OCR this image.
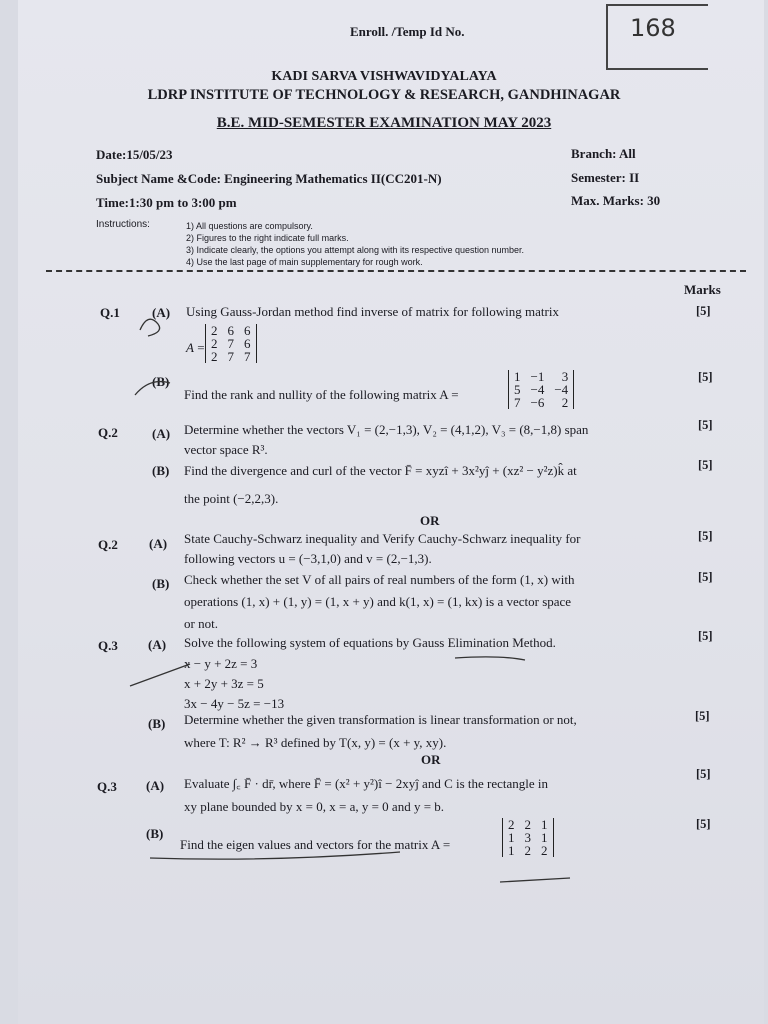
Enroll. /Temp Id No.	168
KADI SARVA VISHWAVIDYALAYA
LDRP INSTITUTE OF TECHNOLOGY & RESEARCH, GANDHINAGAR
B.E. MID-SEMESTER EXAMINATION MAY 2023
Date:15/05/23	Branch: All
Subject Name &Code: Engineering Mathematics II(CC201-N)	Semester: II
Time:1:30 pm to 3:00 pm	Max. Marks: 30
Instructions:	1) All questions are compulsory.
2) Figures to the right indicate full marks.
3) Indicate clearly, the options you attempt along with its respective question number.
4) Use the last page of main supplementary for rough work.
Marks
Q.1 (A) Using Gauss-Jordan method find inverse of matrix for following matrix	[5]
A =
2	6	6
2	7	6
2	7	7
(B)
Find the rank and nullity of the following matrix A =
1	−1	3
5	−4	−4
7	−6	2
[5]
Q.2	(A) Determine whether the vectors V₁ = (2,−1,3), V₂ = (4,1,2), V₃ = (8,−1,8) span
vector space R³.
[5]
(B) Find the divergence and curl of the vector F̄ = xyzî + 3x²yĵ + (xz² − y²z)k̂ at
the point (−2,2,3).
[5]
OR
Q.2 (A) State Cauchy-Schwarz inequality and Verify Cauchy-Schwarz inequality for
following vectors u = (−3,1,0) and v = (2,−1,3).
[5]
(B) Check whether the set V of all pairs of real numbers of the form (1, x) with
operations (1, x) + (1, y) = (1, x + y) and k(1, x) = (1, kx) is a vector space
or not.
[5]
Q.3 (A) Solve the following system of equations by Gauss Elimination Method.	[5]
x − y + 2z = 3
x + 2y + 3z = 5
3x − 4y − 5z = −13
(B) Determine whether the given transformation is linear transformation or not,
where T: R² → R³ defined by T(x, y) = (x + y, xy).
[5]
OR
Q.3 (A) Evaluate ∫꜀ F̄ · dr̄, where F̄ = (x² + y²)î − 2xyĵ and C is the rectangle in
xy plane bounded by x = 0, x = a, y = 0 and y = b.
[5]
(B)
Find the eigen values and vectors for the matrix A =
2	2	1
1	3	1
1	2	2
[5]
